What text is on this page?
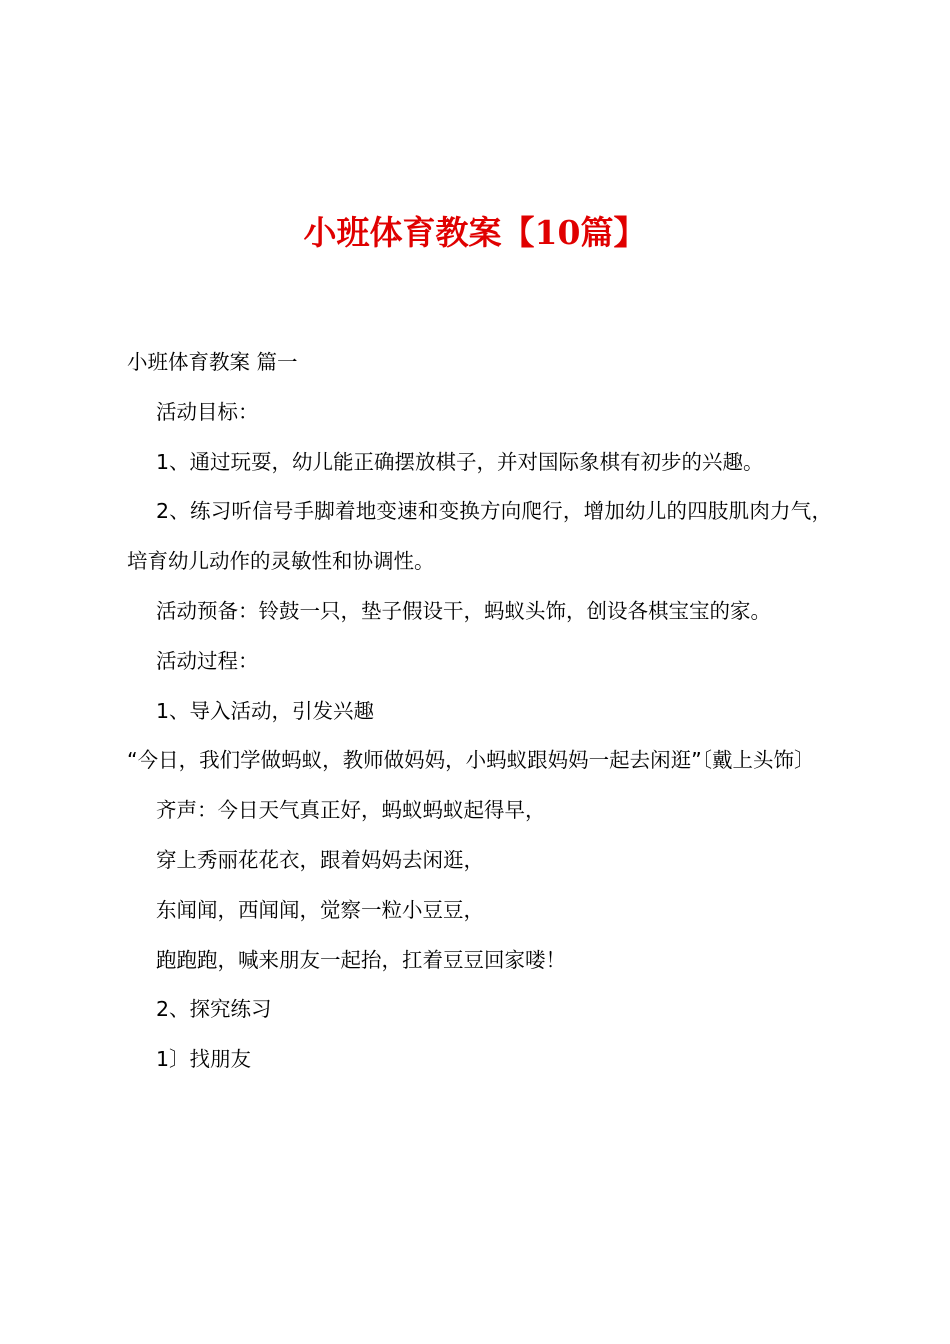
小班体育教案【10篇】

小班体育教案 篇一

活动目标：

1、通过玩耍，幼儿能正确摆放棋子，并对国际象棋有初步的兴趣。

2、练习听信号手脚着地变速和变换方向爬行，增加幼儿的四肢肌肉力气，培育幼儿动作的灵敏性和协调性。

活动预备：铃鼓一只，垫子假设干，蚂蚁头饰，创设各棋宝宝的家。

活动过程：

1、导入活动，引发兴趣

“今日，我们学做蚂蚁，教师做妈妈，小蚂蚁跟妈妈一起去闲逛”〔戴上头饰〕

齐声：今日天气真正好，蚂蚁蚂蚁起得早，

穿上秀丽花花衣，跟着妈妈去闲逛，

东闻闻，西闻闻，觉察一粒小豆豆，

跑跑跑，喊来朋友一起抬，扛着豆豆回家喽！

2、探究练习

1〕找朋友
